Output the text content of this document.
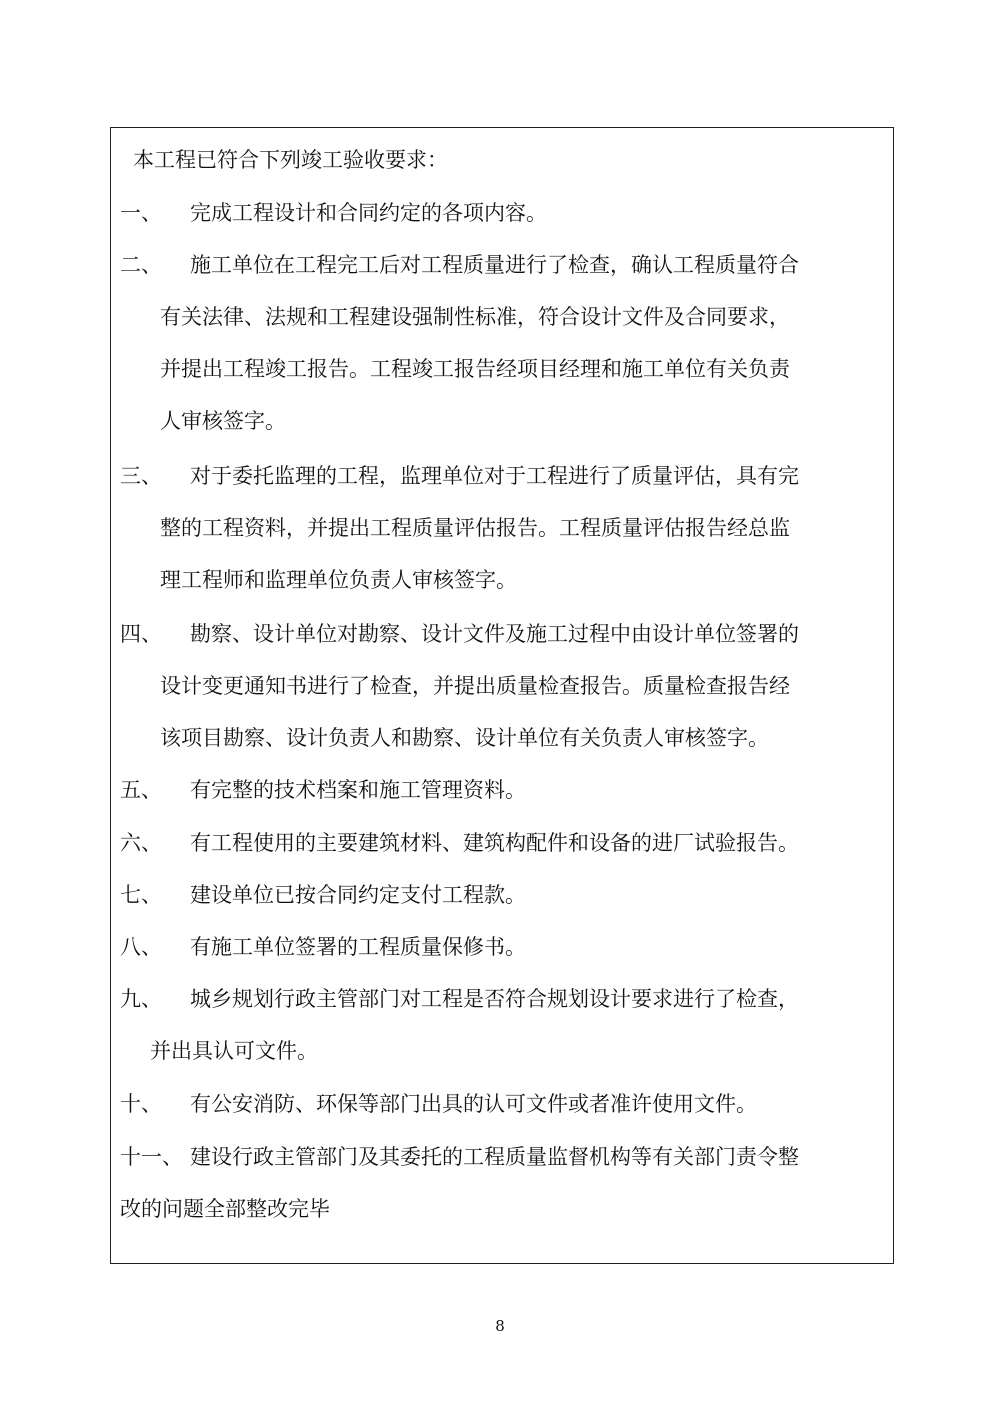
本工程已符合下列竣工验收要求：
一、 完成工程设计和合同约定的各项内容。
二、 施工单位在工程完工后对工程质量进行了检查，确认工程质量符合
有关法律、法规和工程建设强制性标准，符合设计文件及合同要求，
并提出工程竣工报告。工程竣工报告经项目经理和施工单位有关负责
人审核签字。
三、 对于委托监理的工程，监理单位对于工程进行了质量评估，具有完
整的工程资料，并提出工程质量评估报告。工程质量评估报告经总监
理工程师和监理单位负责人审核签字。
四、 勘察、设计单位对勘察、设计文件及施工过程中由设计单位签署的
设计变更通知书进行了检查，并提出质量检查报告。质量检查报告经
该项目勘察、设计负责人和勘察、设计单位有关负责人审核签字。
五、 有完整的技术档案和施工管理资料。
六、 有工程使用的主要建筑材料、建筑构配件和设备的进厂试验报告。
七、 建设单位已按合同约定支付工程款。
八、 有施工单位签署的工程质量保修书。
九、 城乡规划行政主管部门对工程是否符合规划设计要求进行了检查，
并出具认可文件。
十、 有公安消防、环保等部门出具的认可文件或者准许使用文件。
十一、 建设行政主管部门及其委托的工程质量监督机构等有关部门责令整
改的问题全部整改完毕
8
